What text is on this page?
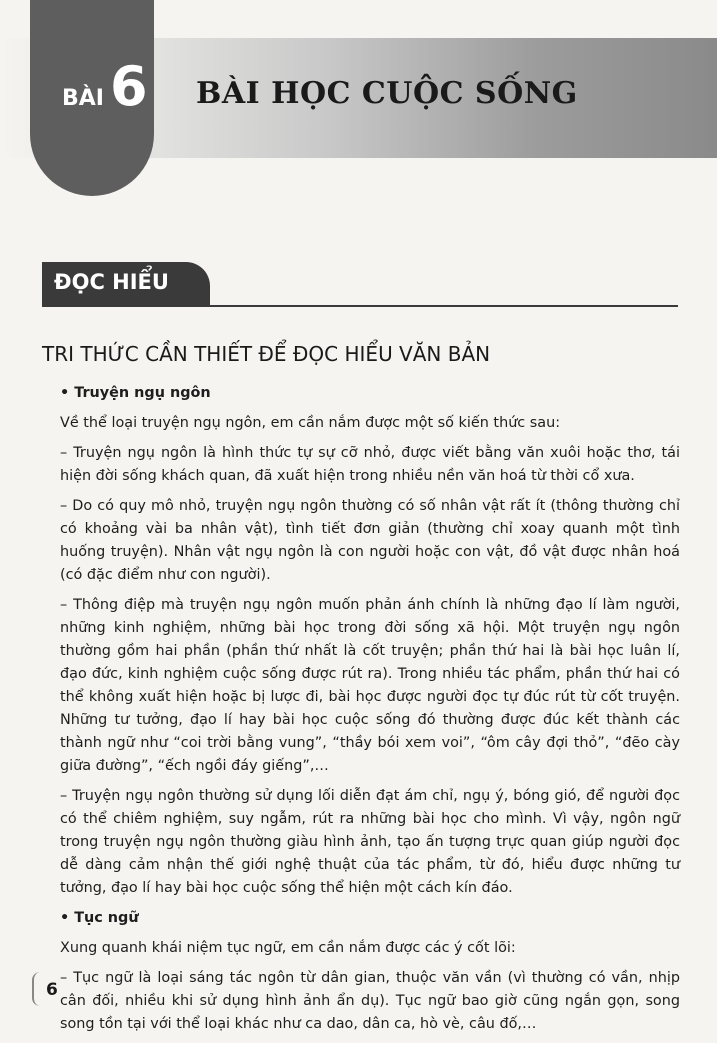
BÀI 6 BÀI HỌC CUỘC SỐNG
ĐỌC HIỂU
TRI THỨC CẦN THIẾT ĐỂ ĐỌC HIỂU VĂN BẢN

• Truyện ngụ ngôn

Về thể loại truyện ngụ ngôn, em cần nắm được một số kiến thức sau:

– Truyện ngụ ngôn là hình thức tự sự cỡ nhỏ, được viết bằng văn xuôi hoặc thơ, tái hiện đời sống khách quan, đã xuất hiện trong nhiều nền văn hoá từ thời cổ xưa.

– Do có quy mô nhỏ, truyện ngụ ngôn thường có số nhân vật rất ít (thông thường chỉ có khoảng vài ba nhân vật), tình tiết đơn giản (thường chỉ xoay quanh một tình huống truyện). Nhân vật ngụ ngôn là con người hoặc con vật, đồ vật được nhân hoá (có đặc điểm như con người).

– Thông điệp mà truyện ngụ ngôn muốn phản ánh chính là những đạo lí làm người, những kinh nghiệm, những bài học trong đời sống xã hội. Một truyện ngụ ngôn thường gồm hai phần (phần thứ nhất là cốt truyện; phần thứ hai là bài học luân lí, đạo đức, kinh nghiệm cuộc sống được rút ra). Trong nhiều tác phẩm, phần thứ hai có thể không xuất hiện hoặc bị lược đi, bài học được người đọc tự đúc rút từ cốt truyện. Những tư tưởng, đạo lí hay bài học cuộc sống đó thường được đúc kết thành các thành ngữ như “coi trời bằng vung”, “thầy bói xem voi”, “ôm cây đợi thỏ”, “đẽo cày giữa đường”, “ếch ngồi đáy giếng”,…

– Truyện ngụ ngôn thường sử dụng lối diễn đạt ám chỉ, ngụ ý, bóng gió, để người đọc có thể chiêm nghiệm, suy ngẫm, rút ra những bài học cho mình. Vì vậy, ngôn ngữ trong truyện ngụ ngôn thường giàu hình ảnh, tạo ấn tượng trực quan giúp người đọc dễ dàng cảm nhận thế giới nghệ thuật của tác phẩm, từ đó, hiểu được những tư tưởng, đạo lí hay bài học cuộc sống thể hiện một cách kín đáo.

• Tục ngữ

Xung quanh khái niệm tục ngữ, em cần nắm được các ý cốt lõi:

– Tục ngữ là loại sáng tác ngôn từ dân gian, thuộc văn vần (vì thường có vần, nhịp cân đối, nhiều khi sử dụng hình ảnh ẩn dụ). Tục ngữ bao giờ cũng ngắn gọn, song song tồn tại với thể loại khác như ca dao, dân ca, hò vè, câu đố,…

6
